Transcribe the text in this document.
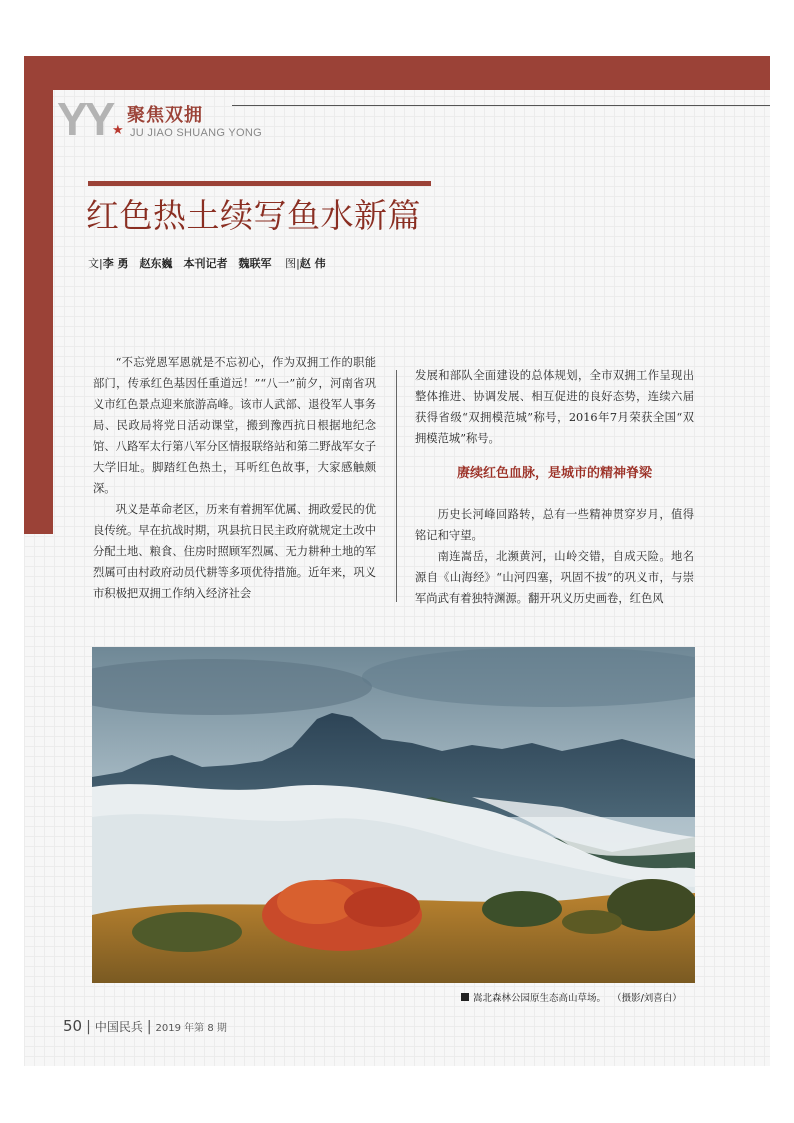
YY ★
聚焦双拥
JU JIAO SHUANG YONG
红色热土续写鱼水新篇
文|李 勇　赵东巍　本刊记者　魏联军 图|赵 伟

“不忘党恩军恩就是不忘初心，作为双拥工作的职能部门，传承红色基因任重道远！”“八一”前夕，河南省巩义市红色景点迎来旅游高峰。该市人武部、退役军人事务局、民政局将党日活动课堂，搬到豫西抗日根据地纪念馆、八路军太行第八军分区情报联络站和第二野战军女子大学旧址。脚踏红色热土，耳听红色故事，大家感触颇深。

巩义是革命老区，历来有着拥军优属、拥政爱民的优良传统。早在抗战时期，巩县抗日民主政府就规定土改中分配土地、粮食、住房时照顾军烈属、无力耕种土地的军烈属可由村政府动员代耕等多项优待措施。近年来，巩义市积极把双拥工作纳入经济社会

发展和部队全面建设的总体规划，全市双拥工作呈现出整体推进、协调发展、相互促进的良好态势，连续六届获得省级“双拥模范城”称号，2016年7月荣获全国“双拥模范城”称号。

赓续红色血脉，是城市的精神脊梁

历史长河峰回路转，总有一些精神贯穿岁月，值得铭记和守望。

南连嵩岳，北濒黄河，山岭交错，自成天险。地名源自《山海经》“山河四塞，巩固不拔”的巩义市，与崇军尚武有着独特渊源。翻开巩义历史画卷，红色风

嵩北森林公园原生态高山草场。 （摄影/刘喜白）
50 | 中国民兵 | 2019 年第 8 期
